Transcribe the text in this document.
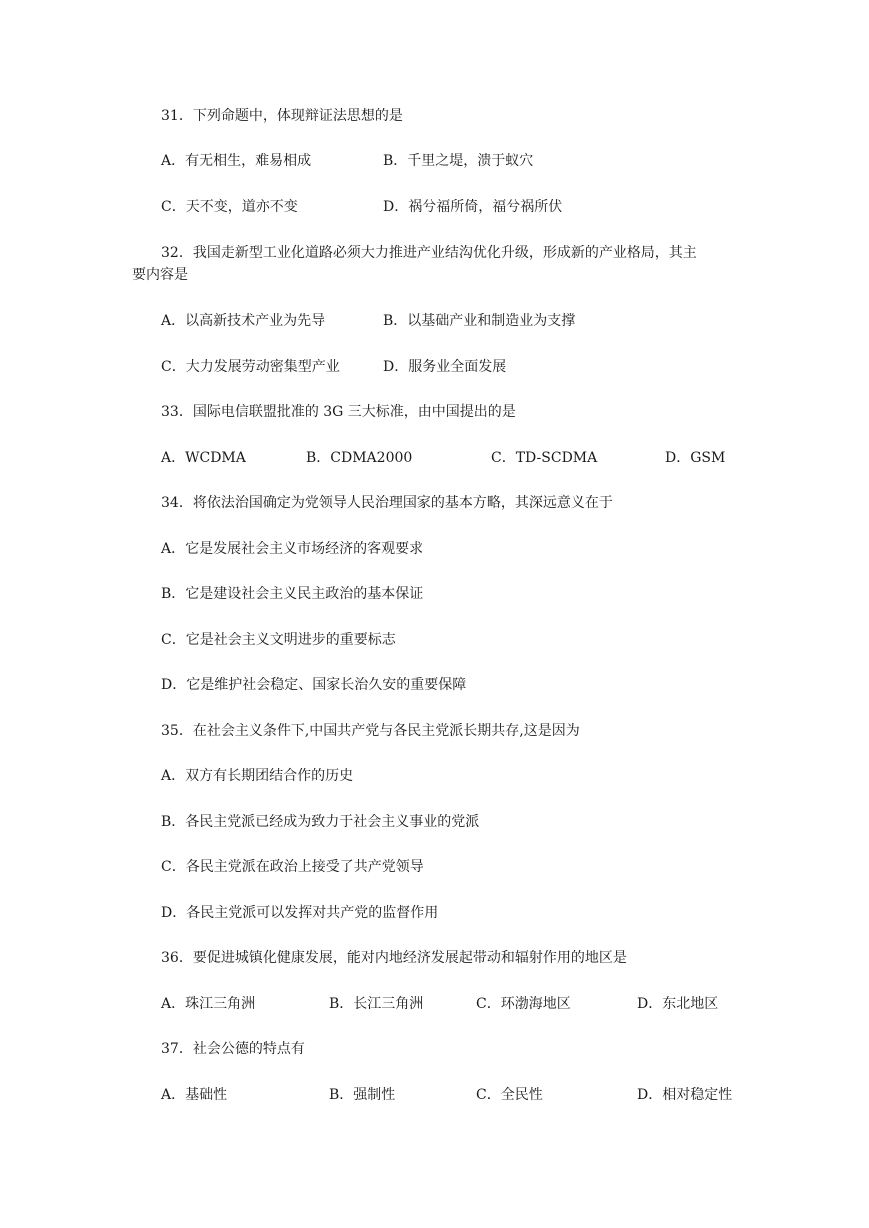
31．下列命题中，体现辩证法思想的是
A．有无相生，难易相成	B．千里之堤，溃于蚁穴
C．天不变，道亦不变	D．祸兮福所倚，福兮祸所伏
32．我国走新型工业化道路必须大力推进产业结沟优化升级，形成新的产业格局，其主
要内容是
A．以高新技术产业为先导	B．以基础产业和制造业为支撑
C．大力发展劳动密集型产业	D．服务业全面发展
33．国际电信联盟批准的 3G 三大标准，由中国提出的是
A．WCDMA	B．CDMA2000	C．TD-SCDMA	D．GSM
34．将依法治国确定为党领导人民治理国家的基本方略，其深远意义在于
A．它是发展社会主义市场经济的客观要求
B．它是建设社会主义民主政治的基本保证
C．它是社会主义文明进步的重要标志
D．它是维护社会稳定、国家长治久安的重要保障
35．在社会主义条件下,中国共产党与各民主党派长期共存,这是因为
A．双方有长期团结合作的历史
B．各民主党派已经成为致力于社会主义事业的党派
C．各民主党派在政治上接受了共产党领导
D．各民主党派可以发挥对共产党的监督作用
36．要促进城镇化健康发展，能对内地经济发展起带动和辐射作用的地区是
A．珠江三角洲	B．长江三角洲	C．环渤海地区	D．东北地区
37．社会公德的特点有
A．基础性	B．强制性	C．全民性	D．相对稳定性
